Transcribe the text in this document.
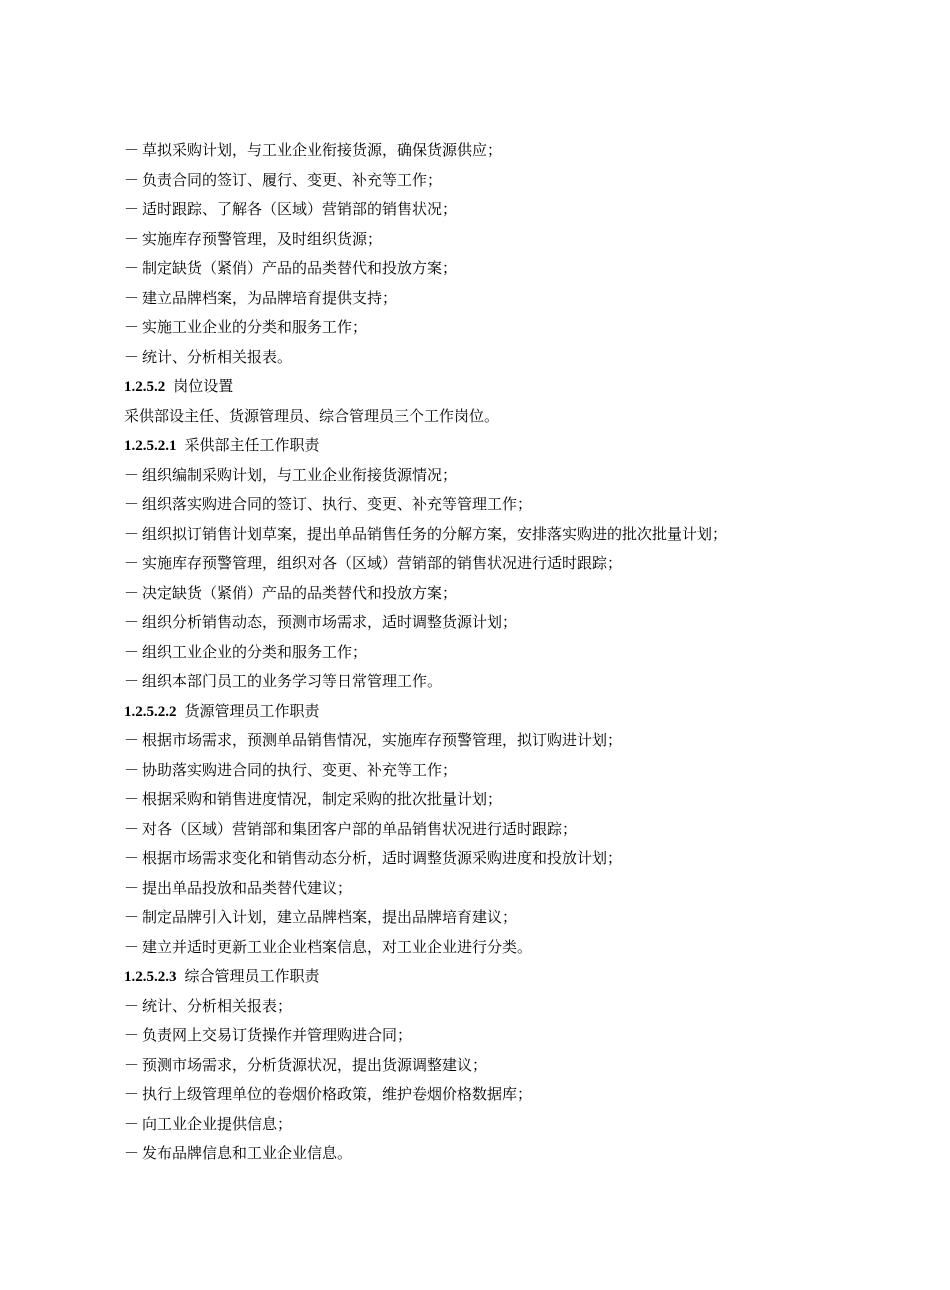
－ 草拟采购计划，与工业企业衔接货源，确保货源供应；
－ 负责合同的签订、履行、变更、补充等工作；
－ 适时跟踪、了解各（区域）营销部的销售状况；
－ 实施库存预警管理，及时组织货源；
－ 制定缺货（紧俏）产品的品类替代和投放方案；
－ 建立品牌档案，为品牌培育提供支持；
－ 实施工业企业的分类和服务工作；
－ 统计、分析相关报表。
1.2.5.2 岗位设置
采供部设主任、货源管理员、综合管理员三个工作岗位。
1.2.5.2.1 采供部主任工作职责
－ 组织编制采购计划，与工业企业衔接货源情况；
－ 组织落实购进合同的签订、执行、变更、补充等管理工作；
－ 组织拟订销售计划草案，提出单品销售任务的分解方案，安排落实购进的批次批量计划；
－ 实施库存预警管理，组织对各（区域）营销部的销售状况进行适时跟踪；
－ 决定缺货（紧俏）产品的品类替代和投放方案；
－ 组织分析销售动态，预测市场需求，适时调整货源计划；
－ 组织工业企业的分类和服务工作；
－ 组织本部门员工的业务学习等日常管理工作。
1.2.5.2.2 货源管理员工作职责
－ 根据市场需求，预测单品销售情况，实施库存预警管理，拟订购进计划；
－ 协助落实购进合同的执行、变更、补充等工作；
－ 根据采购和销售进度情况，制定采购的批次批量计划；
－ 对各（区域）营销部和集团客户部的单品销售状况进行适时跟踪；
－ 根据市场需求变化和销售动态分析，适时调整货源采购进度和投放计划；
－ 提出单品投放和品类替代建议；
－ 制定品牌引入计划，建立品牌档案，提出品牌培育建议；
－ 建立并适时更新工业企业档案信息，对工业企业进行分类。
1.2.5.2.3 综合管理员工作职责
－ 统计、分析相关报表；
－ 负责网上交易订货操作并管理购进合同；
－ 预测市场需求，分析货源状况，提出货源调整建议；
－ 执行上级管理单位的卷烟价格政策，维护卷烟价格数据库；
－ 向工业企业提供信息；
－ 发布品牌信息和工业企业信息。
